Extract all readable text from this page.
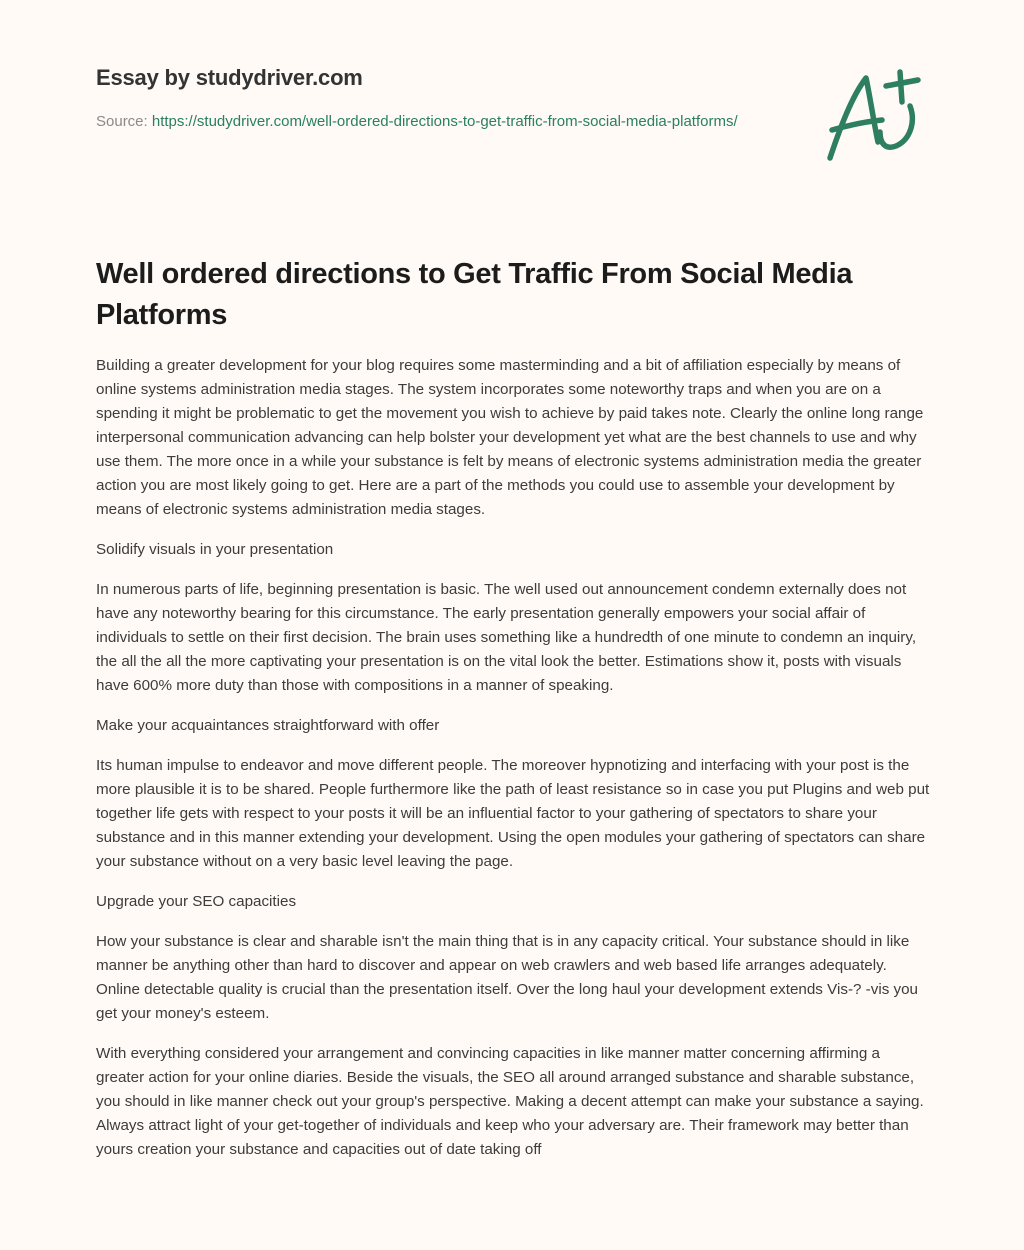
Essay by studydriver.com
Source: https://studydriver.com/well-ordered-directions-to-get-traffic-from-social-media-platforms/
Well ordered directions to Get Traffic From Social Media Platforms

Building a greater development for your blog requires some masterminding and a bit of affiliation especially by means of online systems administration media stages. The system incorporates some noteworthy traps and when you are on a spending it might be problematic to get the movement you wish to achieve by paid takes note. Clearly the online long range interpersonal communication advancing can help bolster your development yet what are the best channels to use and why use them. The more once in a while your substance is felt by means of electronic systems administration media the greater action you are most likely going to get. Here are a part of the methods you could use to assemble your development by means of electronic systems administration media stages.

Solidify visuals in your presentation

In numerous parts of life, beginning presentation is basic. The well used out announcement condemn externally does not have any noteworthy bearing for this circumstance. The early presentation generally empowers your social affair of individuals to settle on their first decision. The brain uses something like a hundredth of one minute to condemn an inquiry, the all the all the more captivating your presentation is on the vital look the better. Estimations show it, posts with visuals have 600% more duty than those with compositions in a manner of speaking.

Make your acquaintances straightforward with offer

Its human impulse to endeavor and move different people. The moreover hypnotizing and interfacing with your post is the more plausible it is to be shared. People furthermore like the path of least resistance so in case you put Plugins and web put together life gets with respect to your posts it will be an influential factor to your gathering of spectators to share your substance and in this manner extending your development. Using the open modules your gathering of spectators can share your substance without on a very basic level leaving the page.

Upgrade your SEO capacities

How your substance is clear and sharable isn't the main thing that is in any capacity critical. Your substance should in like manner be anything other than hard to discover and appear on web crawlers and web based life arranges adequately. Online detectable quality is crucial than the presentation itself. Over the long haul your development extends Vis-? -vis you get your money's esteem.

With everything considered your arrangement and convincing capacities in like manner matter concerning affirming a greater action for your online diaries. Beside the visuals, the SEO all around arranged substance and sharable substance, you should in like manner check out your group's perspective. Making a decent attempt can make your substance a saying. Always attract light of your get-together of individuals and keep who your adversary are. Their framework may better than yours creation your substance and capacities out of date taking off
